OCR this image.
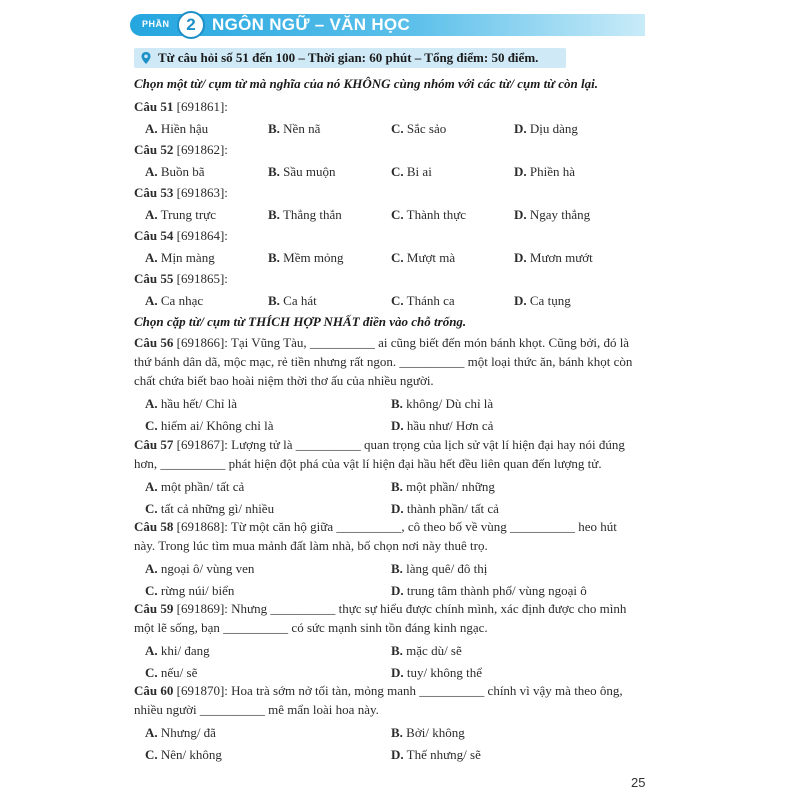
PHẦN 2 NGÔN NGỮ – VĂN HỌC
Từ câu hỏi số 51 đến 100 – Thời gian: 60 phút – Tổng điểm: 50 điểm.
Chọn một từ/ cụm từ mà nghĩa của nó KHÔNG cùng nhóm với các từ/ cụm từ còn lại.
Câu 51 [691861]:
A. Hiền hậu	B. Nền nã	C. Sắc sảo	D. Dịu dàng
Câu 52 [691862]:
A. Buồn bã	B. Sầu muộn	C. Bi ai	D. Phiền hà
Câu 53 [691863]:
A. Trung trực	B. Thẳng thắn	C. Thành thực	D. Ngay thẳng
Câu 54 [691864]:
A. Mịn màng	B. Mềm mỏng	C. Mượt mà	D. Mươn mướt
Câu 55 [691865]:
A. Ca nhạc	B. Ca hát	C. Thánh ca	D. Ca tụng
Chọn cặp từ/ cụm từ THÍCH HỢP NHẤT điền vào chỗ trống.
Câu 56 [691866]: Tại Vũng Tàu, __________ ai cũng biết đến món bánh khọt. Cũng bởi, đó là
thứ bánh dân dã, mộc mạc, rẻ tiền nhưng rất ngon. __________ một loại thức ăn, bánh khọt còn
chất chứa biết bao hoài niệm thời thơ ấu của nhiều người.
A. hầu hết/ Chỉ là	B. không/ Dù chỉ là
C. hiếm ai/ Không chỉ là	D. hầu như/ Hơn cả
Câu 57 [691867]: Lượng tử là __________ quan trọng của lịch sử vật lí hiện đại hay nói đúng
hơn, __________ phát hiện đột phá của vật lí hiện đại hầu hết đều liên quan đến lượng tử.
A. một phần/ tất cả	B. một phần/ những
C. tất cả những gì/ nhiều	D. thành phần/ tất cả
Câu 58 [691868]: Từ một căn hộ giữa __________, cô theo bố về vùng __________ heo hút
này. Trong lúc tìm mua mảnh đất làm nhà, bố chọn nơi này thuê trọ.
A. ngoại ô/ vùng ven	B. làng quê/ đô thị
C. rừng núi/ biển	D. trung tâm thành phố/ vùng ngoại ô
Câu 59 [691869]: Nhưng __________ thực sự hiểu được chính mình, xác định được cho mình
một lẽ sống, bạn __________ có sức mạnh sinh tồn đáng kinh ngạc.
A. khi/ đang	B. mặc dù/ sẽ
C. nếu/ sẽ	D. tuy/ không thể
Câu 60 [691870]: Hoa trà sớm nở tối tàn, mỏng manh __________ chính vì vậy mà theo ông,
nhiều người __________ mê mẩn loài hoa này.
A. Nhưng/ đã	B. Bởi/ không
C. Nên/ không	D. Thế nhưng/ sẽ
25
